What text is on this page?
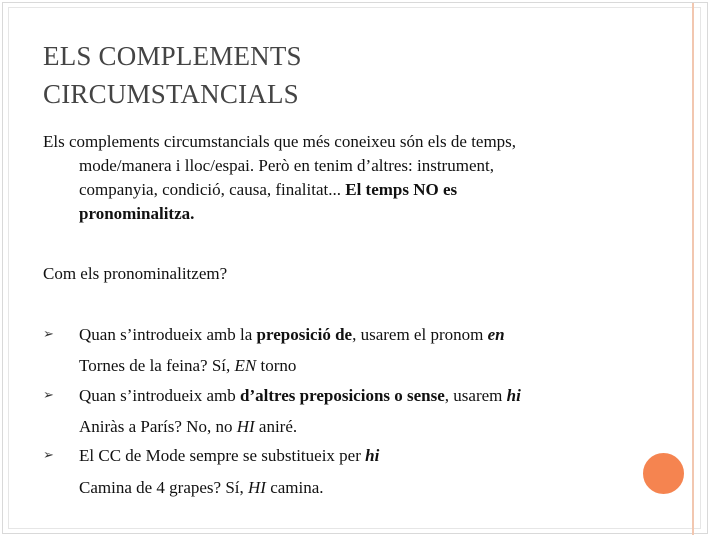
ELS COMPLEMENTS
CIRCUMSTANCIALS
Els complements circumstancials que més coneixeu són els de temps,
mode/manera i lloc/espai. Però en tenim d’altres: instrument,
companyia, condició, causa, finalitat... El temps NO es
pronominalitza.
Com els pronominalitzem?
➢ Quan s’introdueix amb la preposició de, usarem el pronom en
Tornes de la feina? Sí, EN torno
➢ Quan s’introdueix amb d’altres preposicions o sense, usarem hi
Aniràs a París? No, no HI aniré.
➢ El CC de Mode sempre se substitueix per hi
Camina de 4 grapes? Sí, HI camina.
